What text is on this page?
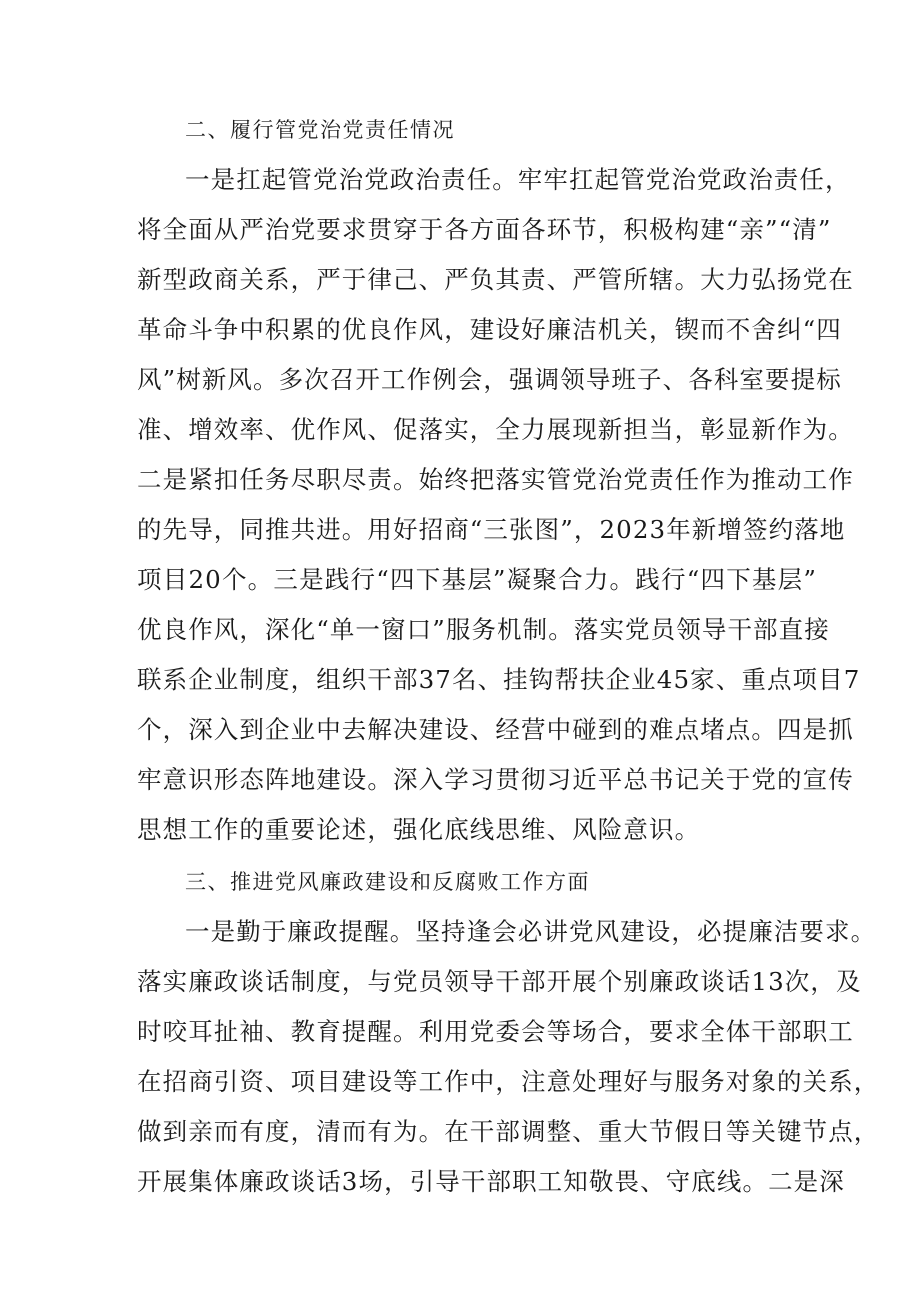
二、履行管党治党责任情况
一是扛起管党治党政治责任。牢牢扛起管党治党政治责任，
将全面从严治党要求贯穿于各方面各环节，积极构建“亲”“清”
新型政商关系，严于律己、严负其责、严管所辖。大力弘扬党在
革命斗争中积累的优良作风，建设好廉洁机关，锲而不舍纠“四
风”树新风。多次召开工作例会，强调领导班子、各科室要提标
准、增效率、优作风、促落实，全力展现新担当，彰显新作为。
二是紧扣任务尽职尽责。始终把落实管党治党责任作为推动工作
的先导，同推共进。用好招商“三张图”，2023年新增签约落地
项目20个。三是践行“四下基层”凝聚合力。践行“四下基层”
优良作风，深化“单一窗口”服务机制。落实党员领导干部直接
联系企业制度，组织干部37名、挂钩帮扶企业45家、重点项目7
个，深入到企业中去解决建设、经营中碰到的难点堵点。四是抓
牢意识形态阵地建设。深入学习贯彻习近平总书记关于党的宣传
思想工作的重要论述，强化底线思维、风险意识。
三、推进党风廉政建设和反腐败工作方面
一是勤于廉政提醒。坚持逢会必讲党风建设，必提廉洁要求。
落实廉政谈话制度，与党员领导干部开展个别廉政谈话13次，及
时咬耳扯袖、教育提醒。利用党委会等场合，要求全体干部职工
在招商引资、项目建设等工作中，注意处理好与服务对象的关系，
做到亲而有度，清而有为。在干部调整、重大节假日等关键节点，
开展集体廉政谈话3场，引导干部职工知敬畏、守底线。二是深
